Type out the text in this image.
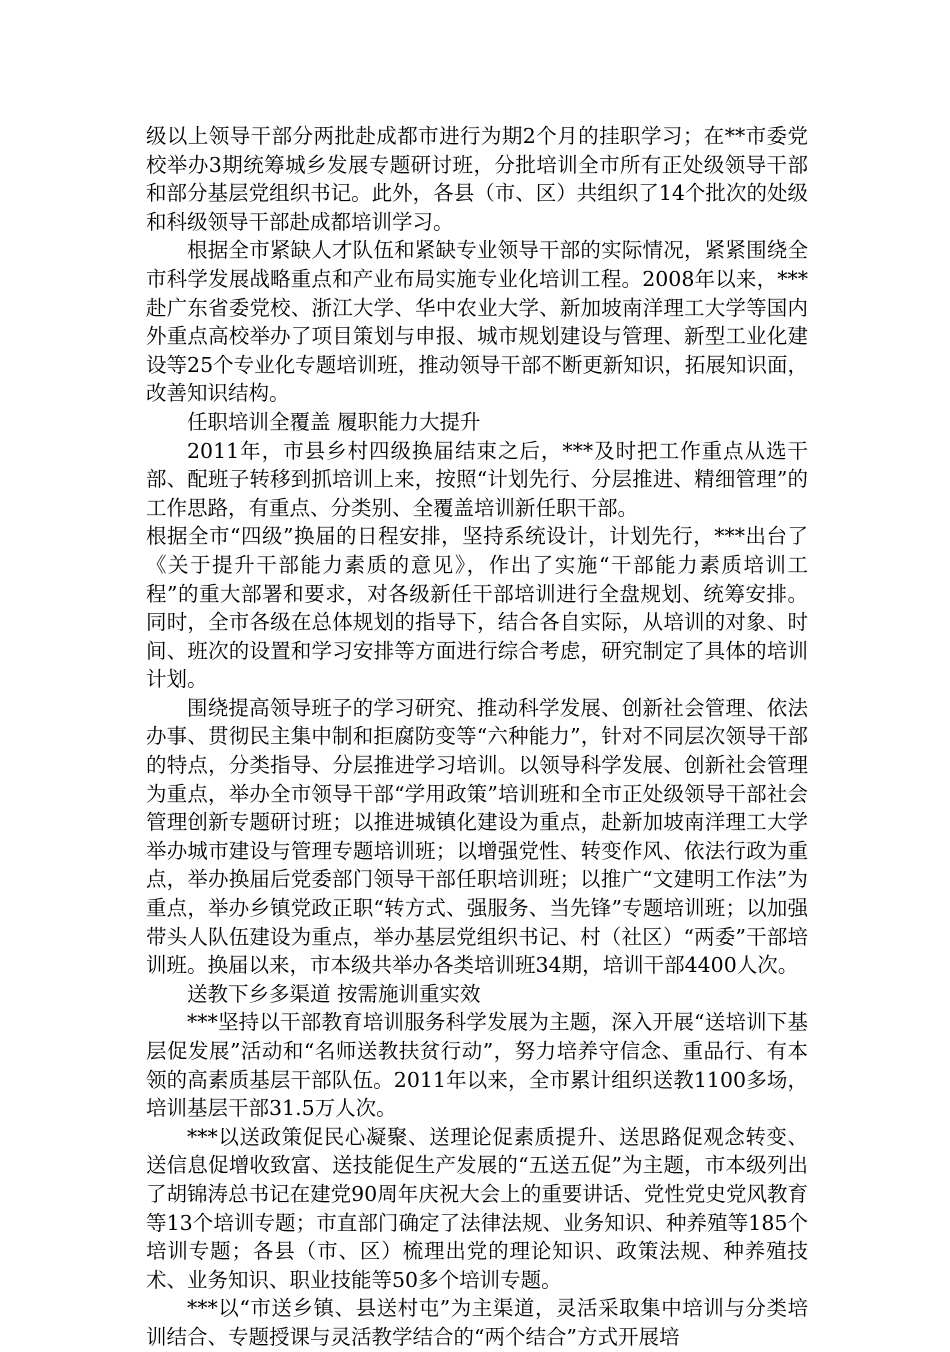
级以上领导干部分两批赴成都市进行为期2个月的挂职学习；在**市委党校举办3期统筹城乡发展专题研讨班，分批培训全市所有正处级领导干部和部分基层党组织书记。此外，各县（市、区）共组织了14个批次的处级和科级领导干部赴成都培训学习。

根据全市紧缺人才队伍和紧缺专业领导干部的实际情况，紧紧围绕全市科学发展战略重点和产业布局实施专业化培训工程。2008年以来，***赴广东省委党校、浙江大学、华中农业大学、新加坡南洋理工大学等国内外重点高校举办了项目策划与申报、城市规划建设与管理、新型工业化建设等25个专业化专题培训班，推动领导干部不断更新知识，拓展知识面，改善知识结构。

任职培训全覆盖 履职能力大提升

2011年，市县乡村四级换届结束之后，***及时把工作重点从选干部、配班子转移到抓培训上来，按照“计划先行、分层推进、精细管理”的工作思路，有重点、分类别、全覆盖培训新任职干部。

根据全市“四级”换届的日程安排，坚持系统设计，计划先行，***出台了《关于提升干部能力素质的意见》，作出了实施“干部能力素质培训工程”的重大部署和要求，对各级新任干部培训进行全盘规划、统筹安排。同时，全市各级在总体规划的指导下，结合各自实际，从培训的对象、时间、班次的设置和学习安排等方面进行综合考虑，研究制定了具体的培训计划。

围绕提高领导班子的学习研究、推动科学发展、创新社会管理、依法办事、贯彻民主集中制和拒腐防变等“六种能力”，针对不同层次领导干部的特点，分类指导、分层推进学习培训。以领导科学发展、创新社会管理为重点，举办全市领导干部“学用政策”培训班和全市正处级领导干部社会管理创新专题研讨班；以推进城镇化建设为重点，赴新加坡南洋理工大学举办城市建设与管理专题培训班；以增强党性、转变作风、依法行政为重点，举办换届后党委部门领导干部任职培训班；以推广“文建明工作法”为重点，举办乡镇党政正职“转方式、强服务、当先锋”专题培训班；以加强带头人队伍建设为重点，举办基层党组织书记、村（社区）“两委”干部培训班。换届以来，市本级共举办各类培训班34期，培训干部4400人次。

送教下乡多渠道 按需施训重实效

***坚持以干部教育培训服务科学发展为主题，深入开展“送培训下基层促发展”活动和“名师送教扶贫行动”，努力培养守信念、重品行、有本领的高素质基层干部队伍。2011年以来，全市累计组织送教1100多场，培训基层干部31.5万人次。

***以送政策促民心凝聚、送理论促素质提升、送思路促观念转变、送信息促增收致富、送技能促生产发展的“五送五促”为主题，市本级列出了胡锦涛总书记在建党90周年庆祝大会上的重要讲话、党性党史党风教育等13个培训专题；市直部门确定了法律法规、业务知识、种养殖等185个培训专题；各县（市、区）梳理出党的理论知识、政策法规、种养殖技术、业务知识、职业技能等50多个培训专题。

***以“市送乡镇、县送村屯”为主渠道，灵活采取集中培训与分类培训结合、专题授课与灵活教学结合的“两个结合”方式开展培
